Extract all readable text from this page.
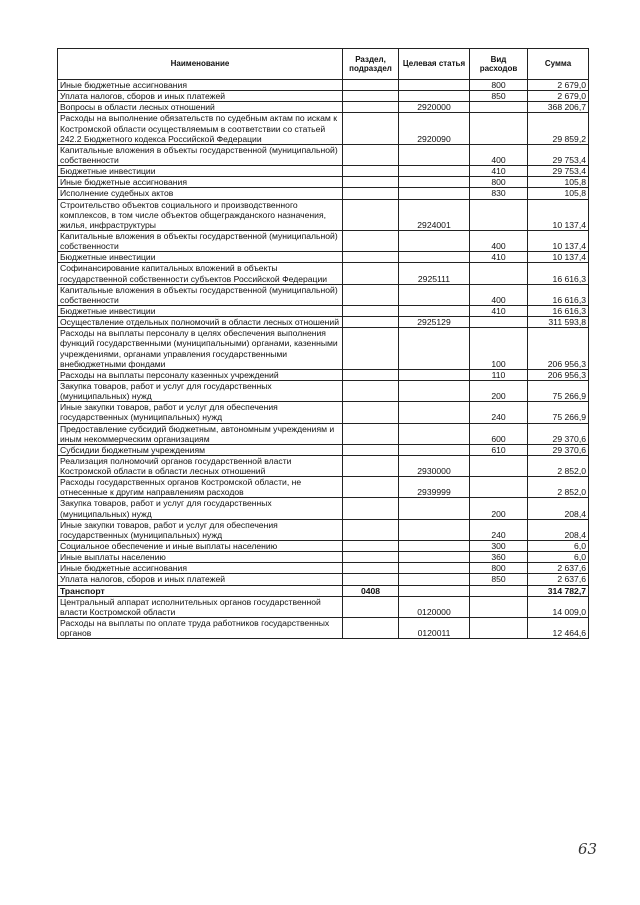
Наименование	Раздел, подраздел	Целевая статья	Вид расходов	Сумма
Иные бюджетные ассигнования			800	2 679,0
Уплата налогов, сборов и иных платежей			850	2 679,0
Вопросы в области лесных отношений		2920000		368 206,7
Расходы на выполнение обязательств по судебным актам по искам к Костромской области осуществляемым в соответствии со статьей 242.2 Бюджетного кодекса Российской Федерации		2920090		29 859,2
Капитальные вложения в объекты государственной (муниципальной) собственности			400	29 753,4
Бюджетные инвестиции			410	29 753,4
Иные бюджетные ассигнования			800	105,8
Исполнение судебных актов			830	105,8
Строительство объектов социального и производственного комплексов, в том числе объектов общегражданского назначения, жилья, инфраструктуры		2924001		10 137,4
Капитальные вложения в объекты государственной (муниципальной) собственности			400	10 137,4
Бюджетные инвестиции			410	10 137,4
Софинансирование капитальных вложений в объекты государственной собственности субъектов Российской Федерации		2925111		16 616,3
Капитальные вложения в объекты государственной (муниципальной) собственности			400	16 616,3
Бюджетные инвестиции			410	16 616,3
Осуществление отдельных полномочий в области лесных отношений		2925129		311 593,8
Расходы на выплаты персоналу в целях обеспечения выполнения функций государственными (муниципальными) органами, казенными учреждениями, органами управления государственными внебюджетными фондами			100	206 956,3
Расходы на выплаты персоналу казенных учреждений			110	206 956,3
Закупка товаров, работ и услуг для государственных (муниципальных) нужд			200	75 266,9
Иные закупки товаров, работ и услуг для обеспечения государственных (муниципальных) нужд			240	75 266,9
Предоставление субсидий бюджетным, автономным учреждениям и иным некоммерческим организациям			600	29 370,6
Субсидии бюджетным учреждениям			610	29 370,6
Реализация полномочий органов государственной власти Костромской области в области лесных отношений		2930000		2 852,0
Расходы государственных органов Костромской области, не отнесенные к другим направлениям расходов		2939999		2 852,0
Закупка товаров, работ и услуг для государственных (муниципальных) нужд			200	208,4
Иные закупки товаров, работ и услуг для обеспечения государственных (муниципальных) нужд			240	208,4
Социальное обеспечение и иные выплаты населению			300	6,0
Иные выплаты населению			360	6,0
Иные бюджетные ассигнования			800	2 637,6
Уплата налогов, сборов и иных платежей			850	2 637,6
Транспорт	0408			314 782,7
Центральный аппарат исполнительных органов государственной власти Костромской области		0120000		14 009,0
Расходы на выплаты по оплате труда работников государственных органов		0120011		12 464,6
63
